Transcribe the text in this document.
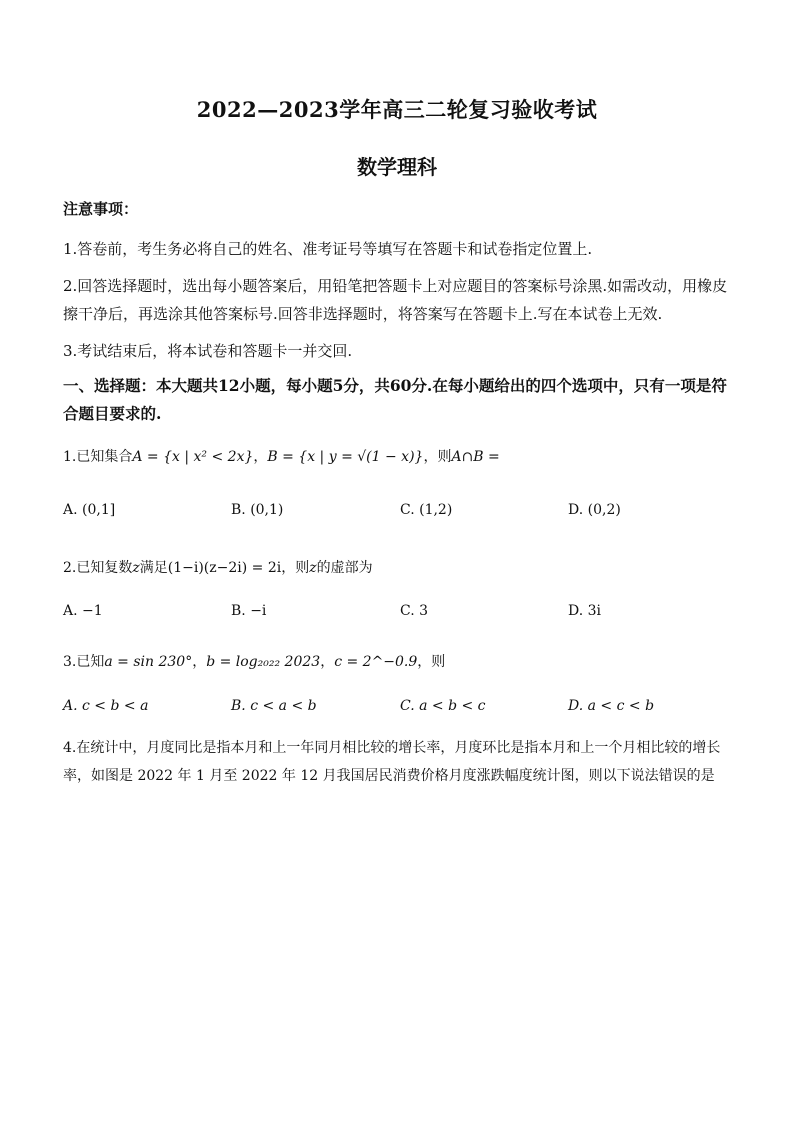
2022—2023学年高三二轮复习验收考试
数学理科
注意事项：
1.答卷前，考生务必将自己的姓名、准考证号等填写在答题卡和试卷指定位置上.
2.回答选择题时，选出每小题答案后，用铅笔把答题卡上对应题目的答案标号涂黑.如需改动，用橡皮擦干净后，再选涂其他答案标号.回答非选择题时，将答案写在答题卡上.写在本试卷上无效.
3.考试结束后，将本试卷和答题卡一并交回.
一、选择题：本大题共12小题，每小题5分，共60分.在每小题给出的四个选项中，只有一项是符合题目要求的.
1.已知集合A = {x | x² < 2x}，B = {x | y = √(1 − x)}，则A∩B =
A. (0,1]	B. (0,1)	C. (1,2)	D. (0,2)
2.已知复数z满足(1−i)(z−2i) = 2i，则z的虚部为
A. −1	B. −i	C. 3	D. 3i
3.已知a = sin 230°，b = log₂₀₂₂ 2023，c = 2^−0.9，则
A. c < b < a	B. c < a < b	C. a < b < c	D. a < c < b
4.在统计中，月度同比是指本月和上一年同月相比较的增长率，月度环比是指本月和上一个月相比较的增长率，如图是 2022 年 1 月至 2022 年 12 月我国居民消费价格月度涨跌幅度统计图，则以下说法错误的是
